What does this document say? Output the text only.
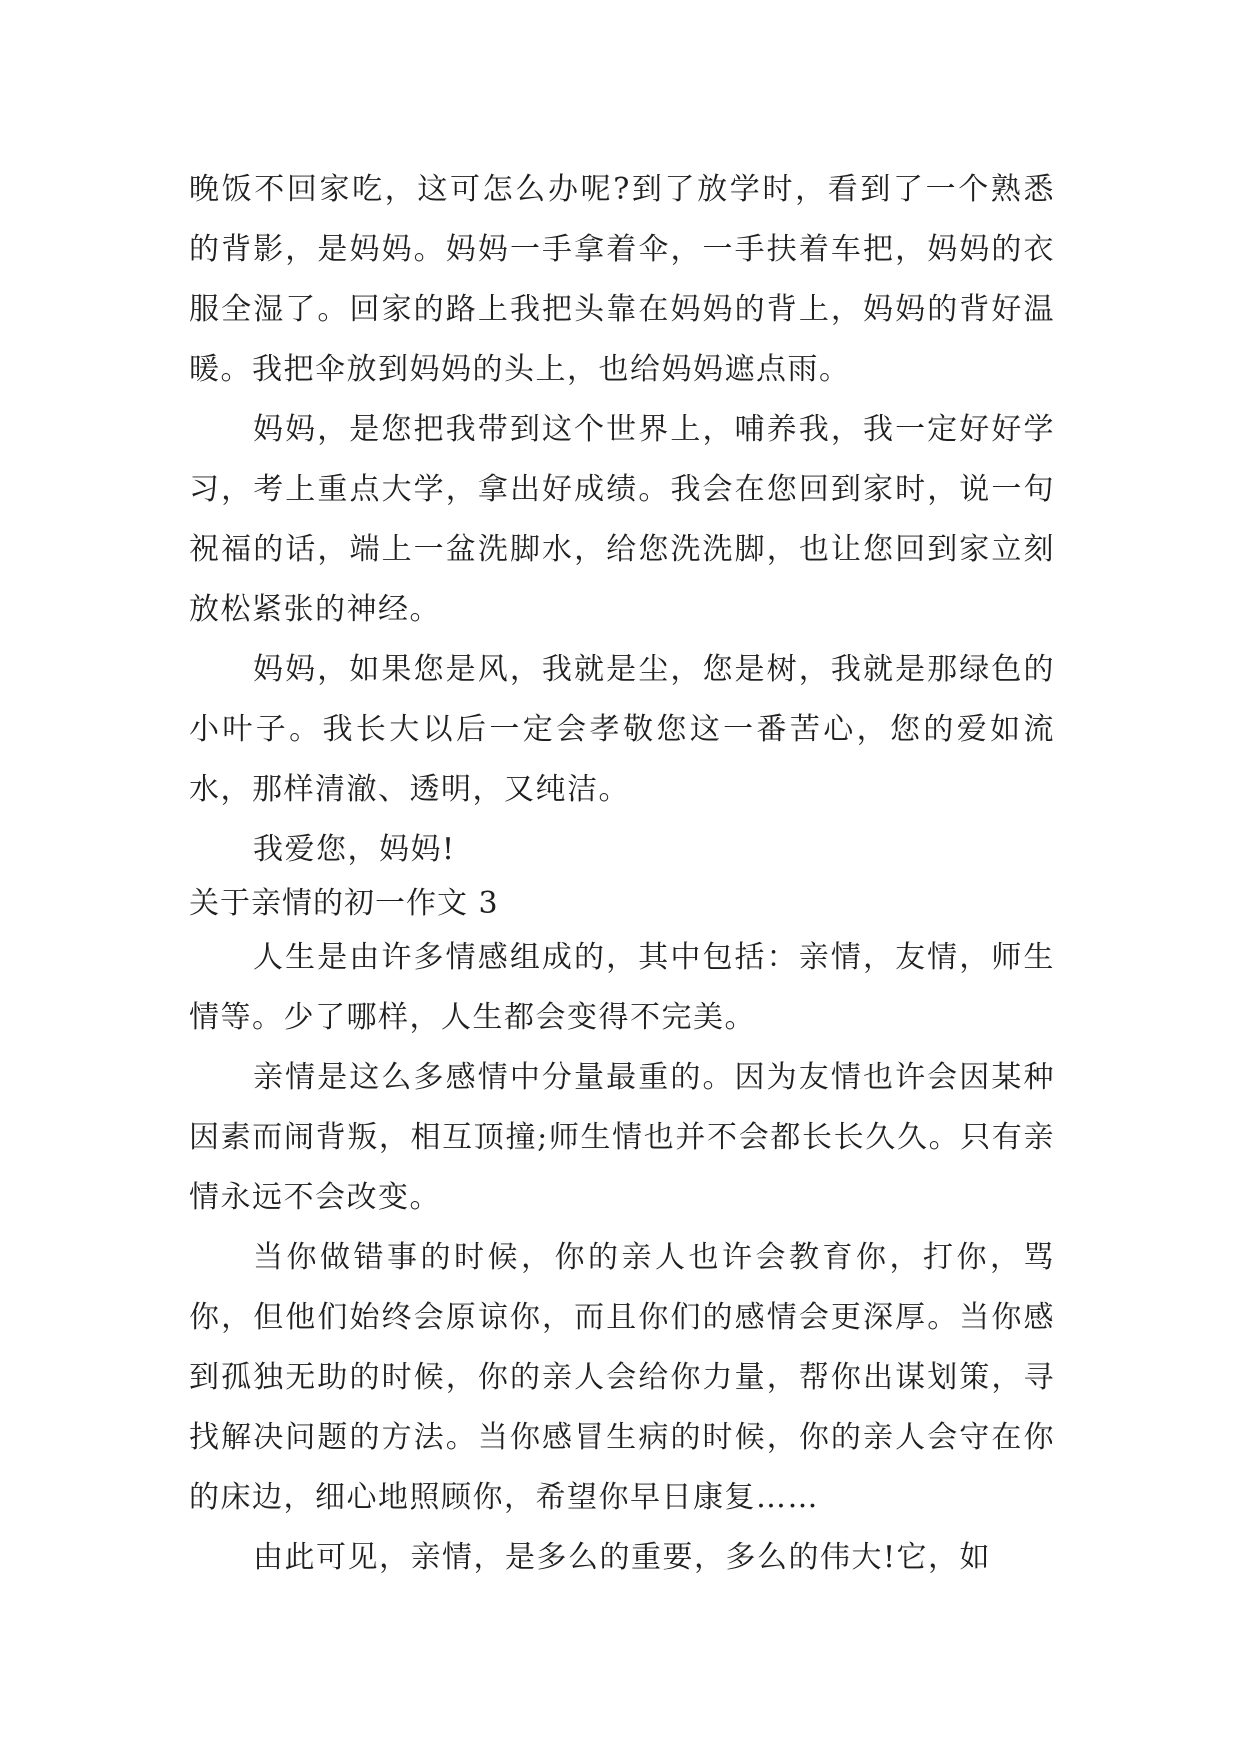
晚饭不回家吃，这可怎么办呢?到了放学时，看到了一个熟悉的背影，是妈妈。妈妈一手拿着伞，一手扶着车把，妈妈的衣服全湿了。回家的路上我把头靠在妈妈的背上，妈妈的背好温暖。我把伞放到妈妈的头上，也给妈妈遮点雨。

妈妈，是您把我带到这个世界上，哺养我，我一定好好学习，考上重点大学，拿出好成绩。我会在您回到家时，说一句祝福的话，端上一盆洗脚水，给您洗洗脚，也让您回到家立刻放松紧张的神经。

妈妈，如果您是风，我就是尘，您是树，我就是那绿色的小叶子。我长大以后一定会孝敬您这一番苦心，您的爱如流水，那样清澈、透明，又纯洁。

我爱您，妈妈!

关于亲情的初一作文 3

人生是由许多情感组成的，其中包括：亲情，友情，师生情等。少了哪样，人生都会变得不完美。

亲情是这么多感情中分量最重的。因为友情也许会因某种因素而闹背叛，相互顶撞;师生情也并不会都长长久久。只有亲情永远不会改变。

当你做错事的时候，你的亲人也许会教育你，打你，骂你，但他们始终会原谅你，而且你们的感情会更深厚。当你感到孤独无助的时候，你的亲人会给你力量，帮你出谋划策，寻找解决问题的方法。当你感冒生病的时候，你的亲人会守在你的床边，细心地照顾你，希望你早日康复……

由此可见，亲情，是多么的重要，多么的伟大!它，如
